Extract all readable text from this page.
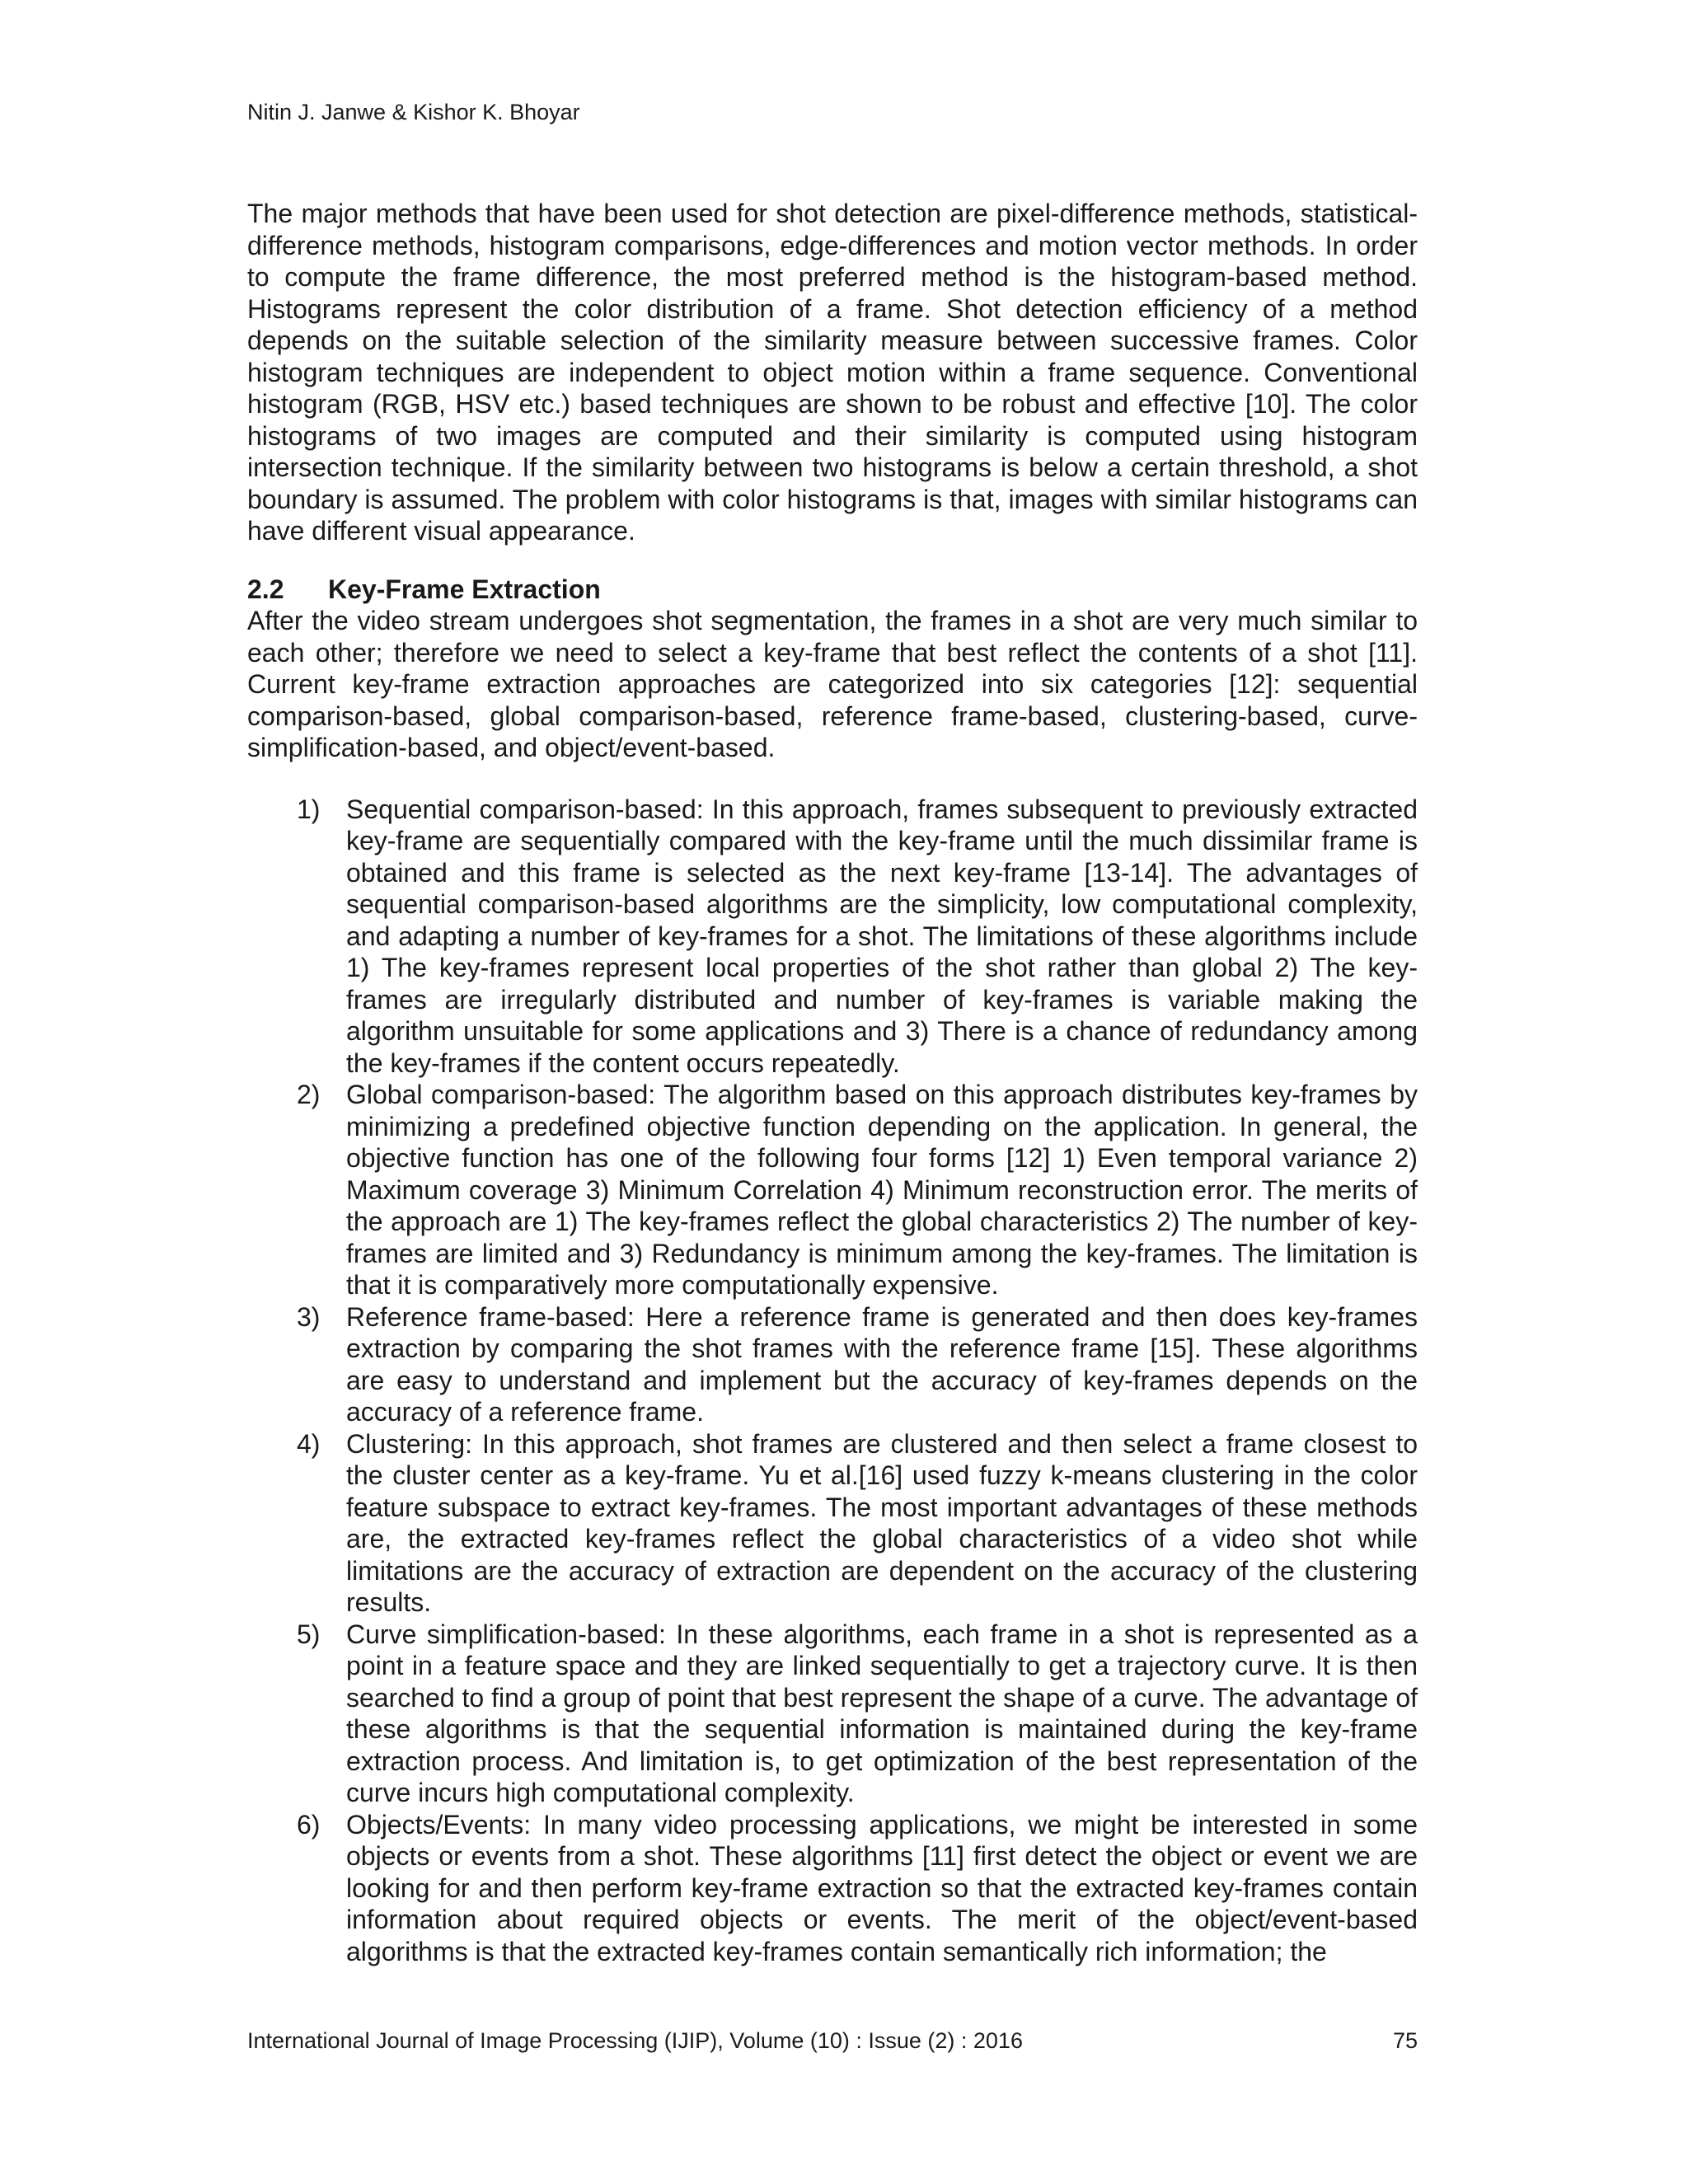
Nitin J. Janwe & Kishor K. Bhoyar

The major methods that have been used for shot detection are pixel-difference methods, statistical-difference methods, histogram comparisons, edge-differences and motion vector methods. In order to compute the frame difference, the most preferred method is the histogram-based method. Histograms represent the color distribution of a frame. Shot detection efficiency of a method depends on the suitable selection of the similarity measure between successive frames. Color histogram techniques are independent to object motion within a frame sequence. Conventional histogram (RGB, HSV etc.) based techniques are shown to be robust and effective [10]. The color histograms of two images are computed and their similarity is computed using histogram intersection technique. If the similarity between two histograms is below a certain threshold, a shot boundary is assumed. The problem with color histograms is that, images with similar histograms can have different visual appearance.

2.2	Key-Frame Extraction

After the video stream undergoes shot segmentation, the frames in a shot are very much similar to each other; therefore we need to select a key-frame that best reflect the contents of a shot [11]. Current key-frame extraction approaches are categorized into six categories [12]: sequential comparison-based, global comparison-based, reference frame-based, clustering-based, curve-simplification-based, and object/event-based.

1) Sequential comparison-based: In this approach, frames subsequent to previously extracted key-frame are sequentially compared with the key-frame until the much dissimilar frame is obtained and this frame is selected as the next key-frame [13-14]. The advantages of sequential comparison-based algorithms are the simplicity, low computational complexity, and adapting a number of key-frames for a shot. The limitations of these algorithms include 1) The key-frames represent local properties of the shot rather than global 2) The key-frames are irregularly distributed and number of key-frames is variable making the algorithm unsuitable for some applications and 3) There is a chance of redundancy among the key-frames if the content occurs repeatedly.
2) Global comparison-based: The algorithm based on this approach distributes key-frames by minimizing a predefined objective function depending on the application. In general, the objective function has one of the following four forms [12] 1) Even temporal variance 2) Maximum coverage 3) Minimum Correlation 4) Minimum reconstruction error. The merits of the approach are 1) The key-frames reflect the global characteristics 2) The number of key-frames are limited and 3) Redundancy is minimum among the key-frames. The limitation is that it is comparatively more computationally expensive.
3) Reference frame-based: Here a reference frame is generated and then does key-frames extraction by comparing the shot frames with the reference frame [15]. These algorithms are easy to understand and implement but the accuracy of key-frames depends on the accuracy of a reference frame.
4) Clustering: In this approach, shot frames are clustered and then select a frame closest to the cluster center as a key-frame. Yu et al.[16] used fuzzy k-means clustering in the color feature subspace to extract key-frames. The most important advantages of these methods are, the extracted key-frames reflect the global characteristics of a video shot while limitations are the accuracy of extraction are dependent on the accuracy of the clustering results.
5) Curve simplification-based: In these algorithms, each frame in a shot is represented as a point in a feature space and they are linked sequentially to get a trajectory curve. It is then searched to find a group of point that best represent the shape of a curve. The advantage of these algorithms is that the sequential information is maintained during the key-frame extraction process. And limitation is, to get optimization of the best representation of the curve incurs high computational complexity.
6) Objects/Events: In many video processing applications, we might be interested in some objects or events from a shot. These algorithms [11] first detect the object or event we are looking for and then perform key-frame extraction so that the extracted key-frames contain information about required objects or events. The merit of the object/event-based algorithms is that the extracted key-frames contain semantically rich information; the
International Journal of Image Processing (IJIP), Volume (10) : Issue (2) : 2016	75
